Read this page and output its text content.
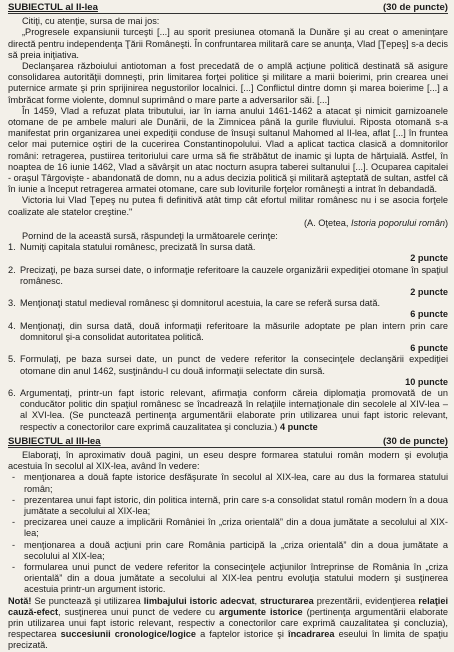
SUBIECTUL al II-lea	(30 de puncte)

Citiţi, cu atenţie, sursa de mai jos:

„Progresele expansiunii turceşti [...] au sporit presiunea otomană la Dunăre şi au creat o ameninţare directă pentru independenţa Ţării Româneşti. În confruntarea militară care se anunţa, Vlad [Ţepeş] s-a decis să preia iniţiativa.

Declanşarea războiului antiotoman a fost precedată de o amplă acţiune politică destinată să asigure consolidarea autorităţii domneşti, prin limitarea forţei politice şi militare a marii boierimi, prin crearea unei puternice armate şi prin sprijinirea negustorilor localnici. [...] Conflictul dintre domn şi marea boierime [...] a îmbrăcat forme violente, domnul suprimând o mare parte a adversarilor săi. [...]

În 1459, Vlad a refuzat plata tributului, iar în iarna anului 1461-1462 a atacat şi nimicit garnizoanele otomane de pe ambele maluri ale Dunării, de la Zimnicea până la gurile fluviului. Riposta otomană s-a manifestat prin organizarea unei expediţii conduse de însuşi sultanul Mahomed al II-lea, aflat [...] în fruntea celor mai puternice oştiri de la cucerirea Constantinopolului. Vlad a aplicat tactica clasică a domnitorilor români: retragerea, pustiirea teritoriului care urma să fie străbătut de inamic şi lupta de hărţuială. Astfel, în noaptea de 16 iunie 1462, Vlad a săvârşit un atac nocturn asupra taberei sultanului [...]. Ocuparea capitalei - oraşul Târgovişte - abandonată de domn, nu a adus decizia politică şi militară aşteptată de sultan, astfel că în iunie a început retragerea armatei otomane, care sub loviturile forţelor româneşti a intrat în debandadă.

Victoria lui Vlad Ţepeş nu putea fi definitivă atât timp cât efortul militar românesc nu i se asocia forţele coalizate ale statelor creştine."

(A. Oţetea, Istoria poporului român)

Pornind de la această sursă, răspundeţi la următoarele cerinţe:

1. Numiţi capitala statului românesc, precizată în sursa dată.
2 puncte
2. Precizaţi, pe baza sursei date, o informaţie referitoare la cauzele organizării expediţiei otomane în spaţiul românesc.
2 puncte
3. Menţionaţi statul medieval românesc şi domnitorul acestuia, la care se referă sursa dată.
6 puncte
4. Menţionaţi, din sursa dată, două informaţii referitoare la măsurile adoptate pe plan intern prin care domnitorul şi-a consolidat autoritatea politică.
6 puncte
5. Formulaţi, pe baza sursei date, un punct de vedere referitor la consecinţele declanşării expediţiei otomane din anul 1462, susţinându-l cu două informaţii selectate din sursă.
10 puncte
6. Argumentaţi, printr-un fapt istoric relevant, afirmaţia conform căreia diplomaţia promovată de un conducător politic din spaţiul românesc se încadrează în relaţiile internaţionale din secolele al XIV-lea – al XVI-lea. (Se punctează pertinenţa argumentării elaborate prin utilizarea unui fapt istoric relevant, respectiv a conectorilor care exprimă cauzalitatea şi concluzia.) 4 puncte
SUBIECTUL al III-lea	(30 de puncte)

Elaboraţi, în aproximativ două pagini, un eseu despre formarea statului român modern şi evoluţia acestuia în secolul al XIX-lea, având în vedere:

- menţionarea a două fapte istorice desfăşurate în secolul al XIX-lea, care au dus la formarea statului român;
- prezentarea unui fapt istoric, din politica internă, prin care s-a consolidat statul român modern în a doua jumătate a secolului al XIX-lea;
- precizarea unei cauze a implicării României în „criza orientală” din a doua jumătate a secolului al XIX-lea;
- menţionarea a două acţiuni prin care România participă la „criza orientală” din a doua jumătate a secolului al XIX-lea;
- formularea unui punct de vedere referitor la consecinţele acţiunilor întreprinse de România în „criza orientală” din a doua jumătate a secolului al XIX-lea pentru evoluţia statului modern şi susţinerea acestuia printr-un argument istoric.

Notă! Se punctează şi utilizarea limbajului istoric adecvat, structurarea prezentării, evidenţierea relaţiei cauză-efect, susţinerea unui punct de vedere cu argumente istorice (pertinenţa argumentării elaborate prin utilizarea unui fapt istoric relevant, respectiv a conectorilor care exprimă cauzalitatea şi concluzia), respectarea succesiunii cronologice/logice a faptelor istorice şi încadrarea eseului în limita de spaţiu precizată.
